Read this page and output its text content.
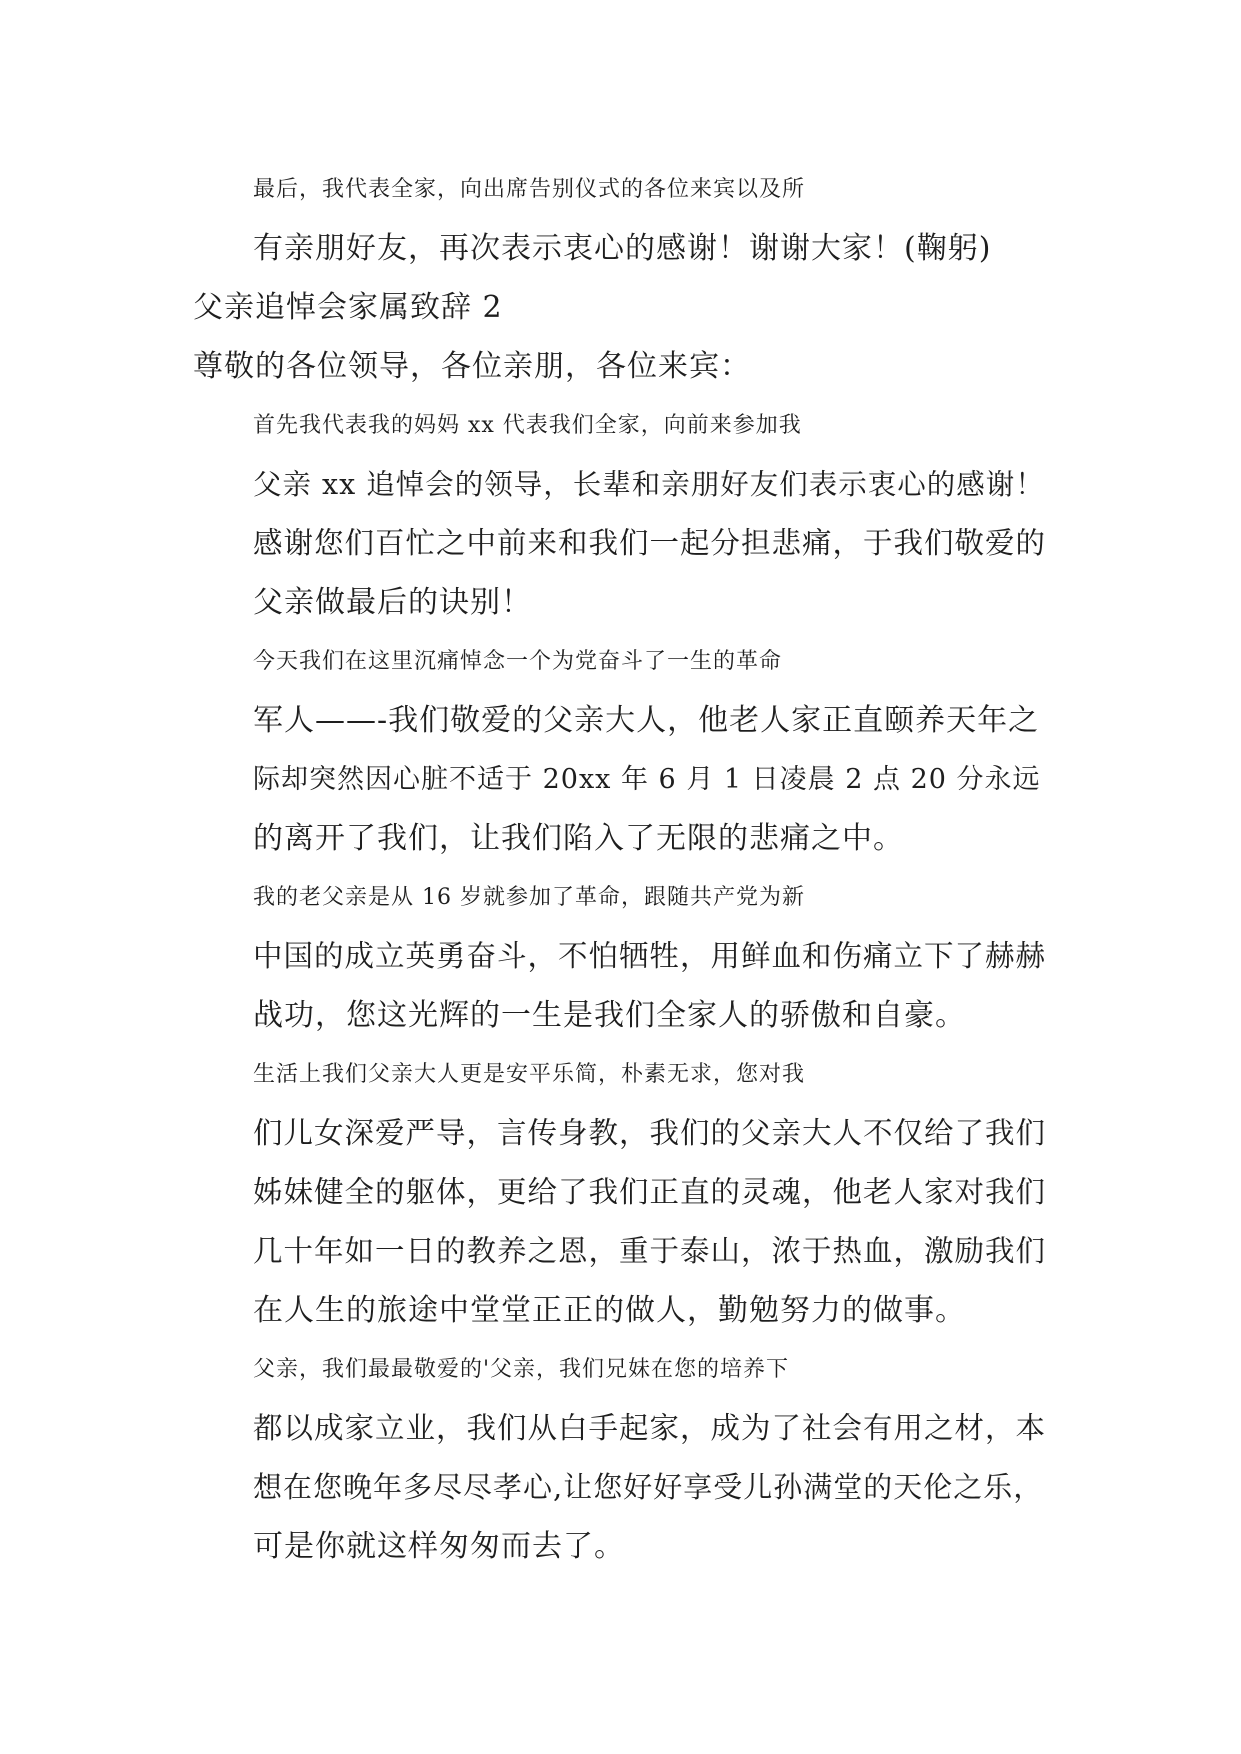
最后，我代表全家，向出席告别仪式的各位来宾以及所
有亲朋好友，再次表示衷心的感谢！谢谢大家！(鞠躬)

父亲追悼会家属致辞 2

尊敬的各位领导，各位亲朋，各位来宾：

首先我代表我的妈妈 xx 代表我们全家，向前来参加我
父亲 xx 追悼会的领导，长辈和亲朋好友们表示衷心的感谢！
感谢您们百忙之中前来和我们一起分担悲痛，于我们敬爱的
父亲做最后的诀别！

今天我们在这里沉痛悼念一个为党奋斗了一生的革命
军人——-我们敬爱的父亲大人，他老人家正直颐养天年之
际却突然因心脏不适于 20xx 年 6 月 1 日凌晨 2 点 20 分永远
的离开了我们，让我们陷入了无限的悲痛之中。

我的老父亲是从 16 岁就参加了革命，跟随共产党为新
中国的成立英勇奋斗，不怕牺牲，用鲜血和伤痛立下了赫赫
战功，您这光辉的一生是我们全家人的骄傲和自豪。

生活上我们父亲大人更是安平乐简，朴素无求，您对我
们儿女深爱严导，言传身教，我们的父亲大人不仅给了我们
姊妹健全的躯体，更给了我们正直的灵魂，他老人家对我们
几十年如一日的教养之恩，重于泰山，浓于热血，激励我们
在人生的旅途中堂堂正正的做人，勤勉努力的做事。

父亲，我们最最敬爱的'父亲，我们兄妹在您的培养下
都以成家立业，我们从白手起家，成为了社会有用之材，本
想在您晚年多尽尽孝心,让您好好享受儿孙满堂的天伦之乐，
可是你就这样匆匆而去了。
